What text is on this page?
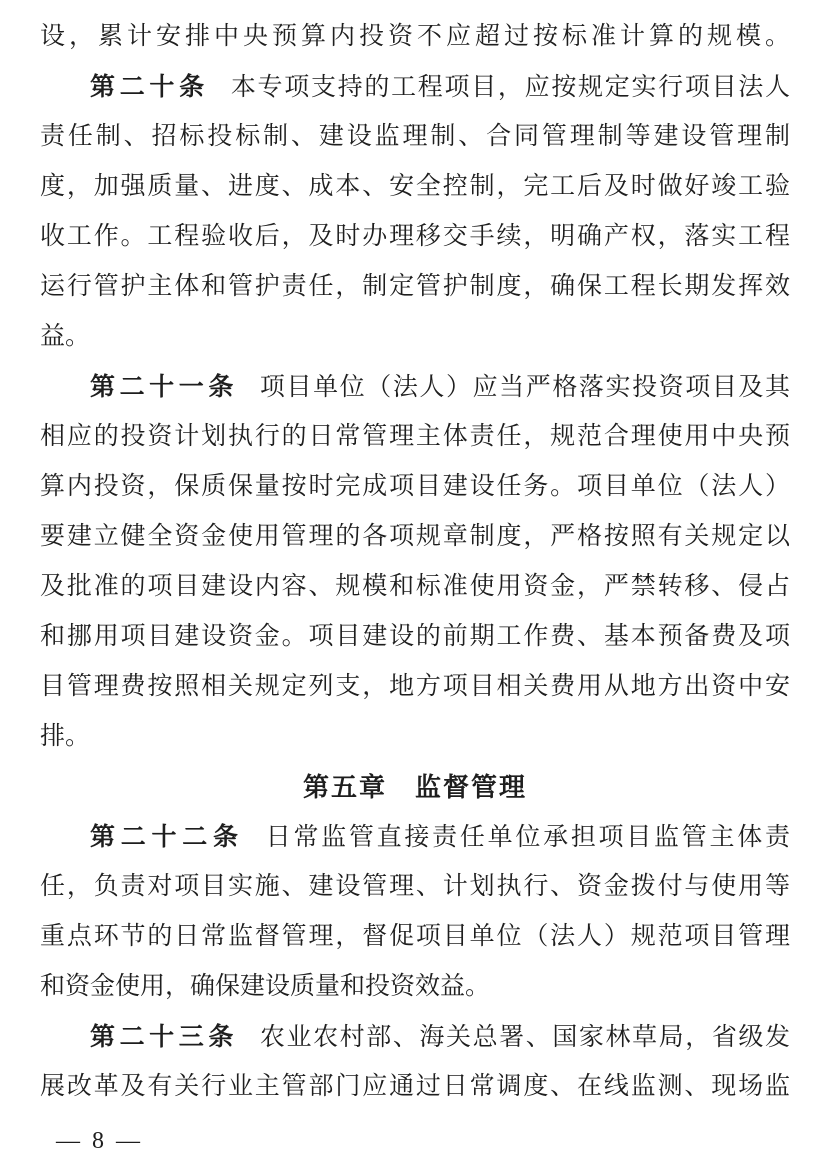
设，累计安排中央预算内投资不应超过按标准计算的规模。
第二十条 本专项支持的工程项目，应按规定实行项目法人
责任制、招标投标制、建设监理制、合同管理制等建设管理制
度，加强质量、进度、成本、安全控制，完工后及时做好竣工验
收工作。工程验收后，及时办理移交手续，明确产权，落实工程
运行管护主体和管护责任，制定管护制度，确保工程长期发挥效
益。
第二十一条 项目单位（法人）应当严格落实投资项目及其
相应的投资计划执行的日常管理主体责任，规范合理使用中央预
算内投资，保质保量按时完成项目建设任务。项目单位（法人）
要建立健全资金使用管理的各项规章制度，严格按照有关规定以
及批准的项目建设内容、规模和标准使用资金，严禁转移、侵占
和挪用项目建设资金。项目建设的前期工作费、基本预备费及项
目管理费按照相关规定列支，地方项目相关费用从地方出资中安
排。
第五章　监督管理
第二十二条 日常监管直接责任单位承担项目监管主体责
任，负责对项目实施、建设管理、计划执行、资金拨付与使用等
重点环节的日常监督管理，督促项目单位（法人）规范项目管理
和资金使用，确保建设质量和投资效益。
第二十三条 农业农村部、海关总署、国家林草局，省级发
展改革及有关行业主管部门应通过日常调度、在线监测、现场监
— 8 —
